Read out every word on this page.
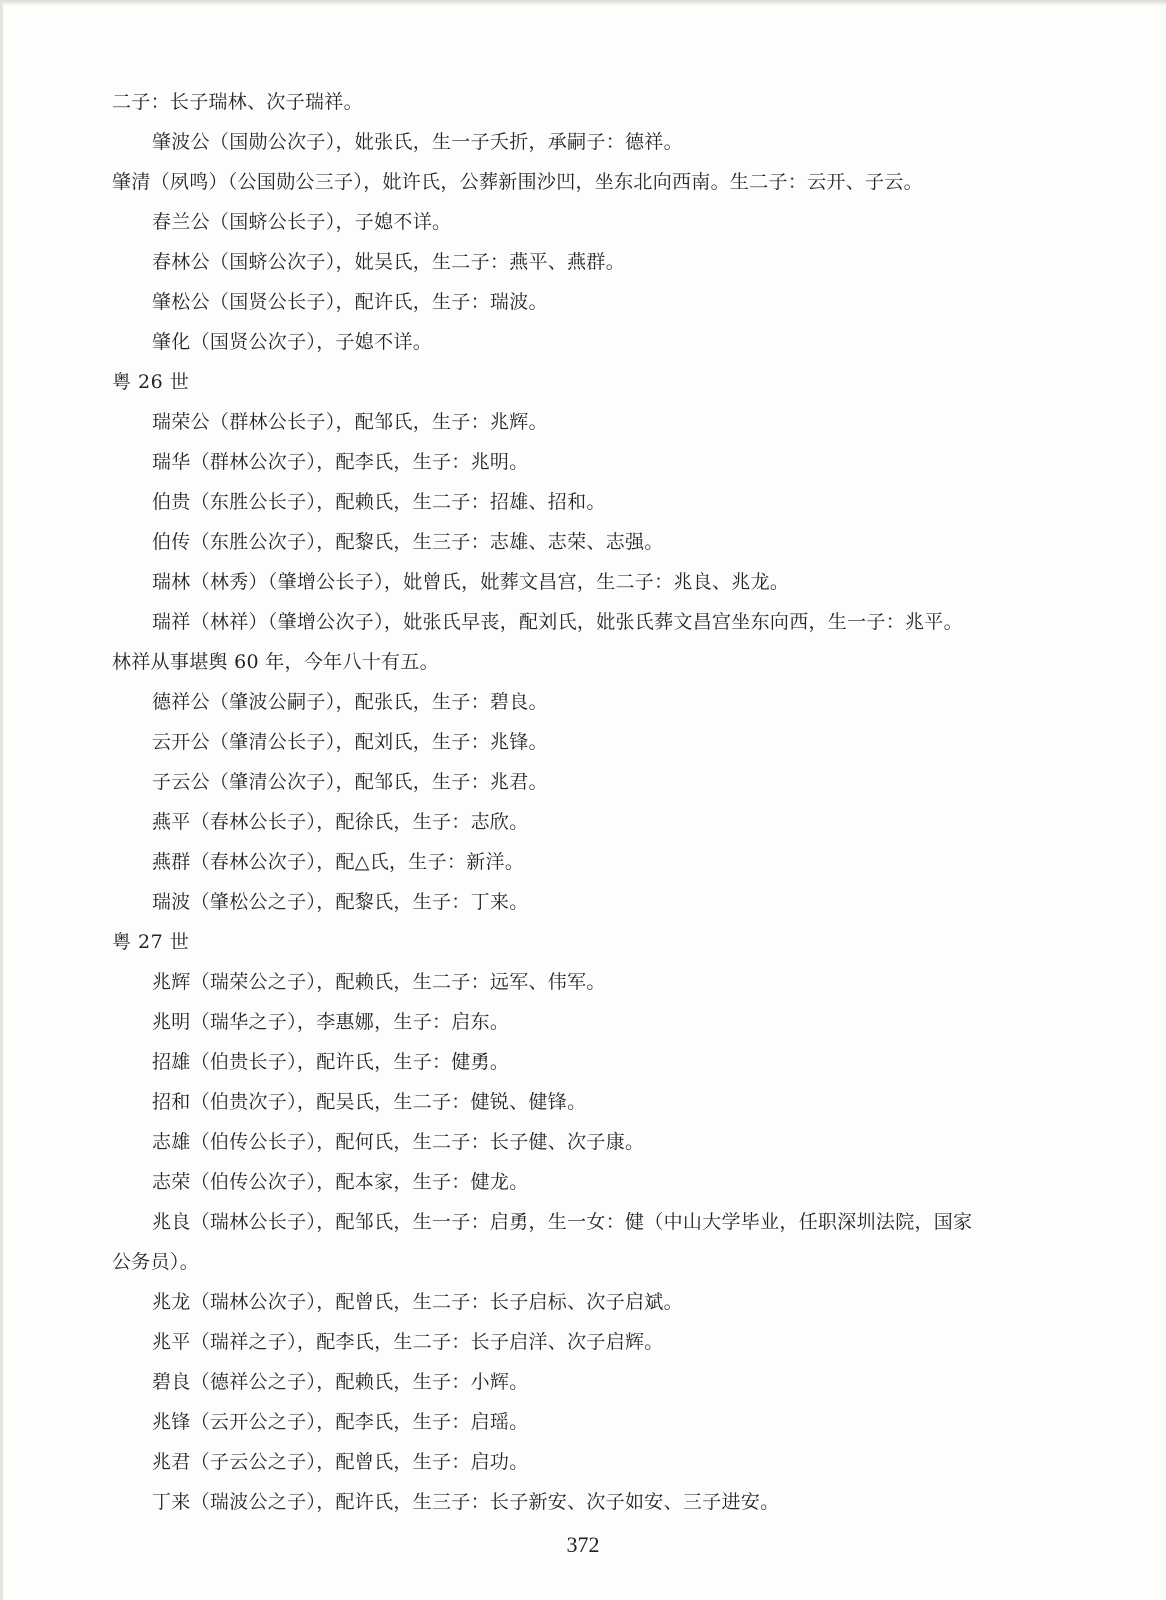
二子：长子瑞林、次子瑞祥。
肇波公（国勋公次子），妣张氏，生一子夭折，承嗣子：德祥。
肇清（夙鸣）（公国勋公三子），妣许氏，公葬新围沙凹，坐东北向西南。生二子：云开、子云。
春兰公（国蛴公长子），子媳不详。
春林公（国蛴公次子），妣吴氏，生二子：燕平、燕群。
肇松公（国贤公长子），配许氏，生子：瑞波。
肇化（国贤公次子），子媳不详。
粤 26 世
瑞荣公（群林公长子），配邹氏，生子：兆辉。
瑞华（群林公次子），配李氏，生子：兆明。
伯贵（东胜公长子），配赖氏，生二子：招雄、招和。
伯传（东胜公次子），配黎氏，生三子：志雄、志荣、志强。
瑞林（林秀）（肇增公长子），妣曾氏，妣葬文昌宫，生二子：兆良、兆龙。
瑞祥（林祥）（肇增公次子），妣张氏早丧，配刘氏，妣张氏葬文昌宫坐东向西，生一子：兆平。
林祥从事堪舆 60 年，今年八十有五。
德祥公（肇波公嗣子），配张氏，生子：碧良。
云开公（肇清公长子），配刘氏，生子：兆锋。
子云公（肇清公次子），配邹氏，生子：兆君。
燕平（春林公长子），配徐氏，生子：志欣。
燕群（春林公次子），配△氏，生子：新洋。
瑞波（肇松公之子），配黎氏，生子：丁来。
粤 27 世
兆辉（瑞荣公之子），配赖氏，生二子：远军、伟军。
兆明（瑞华之子），李惠娜，生子：启东。
招雄（伯贵长子），配许氏，生子：健勇。
招和（伯贵次子），配吴氏，生二子：健锐、健锋。
志雄（伯传公长子），配何氏，生二子：长子健、次子康。
志荣（伯传公次子），配本家，生子：健龙。
兆良（瑞林公长子），配邹氏，生一子：启勇，生一女：健（中山大学毕业，任职深圳法院，国家
公务员）。
兆龙（瑞林公次子），配曾氏，生二子：长子启标、次子启斌。
兆平（瑞祥之子），配李氏，生二子：长子启洋、次子启辉。
碧良（德祥公之子），配赖氏，生子：小辉。
兆锋（云开公之子），配李氏，生子：启瑶。
兆君（子云公之子），配曾氏，生子：启功。
丁来（瑞波公之子），配许氏，生三子：长子新安、次子如安、三子进安。
372
